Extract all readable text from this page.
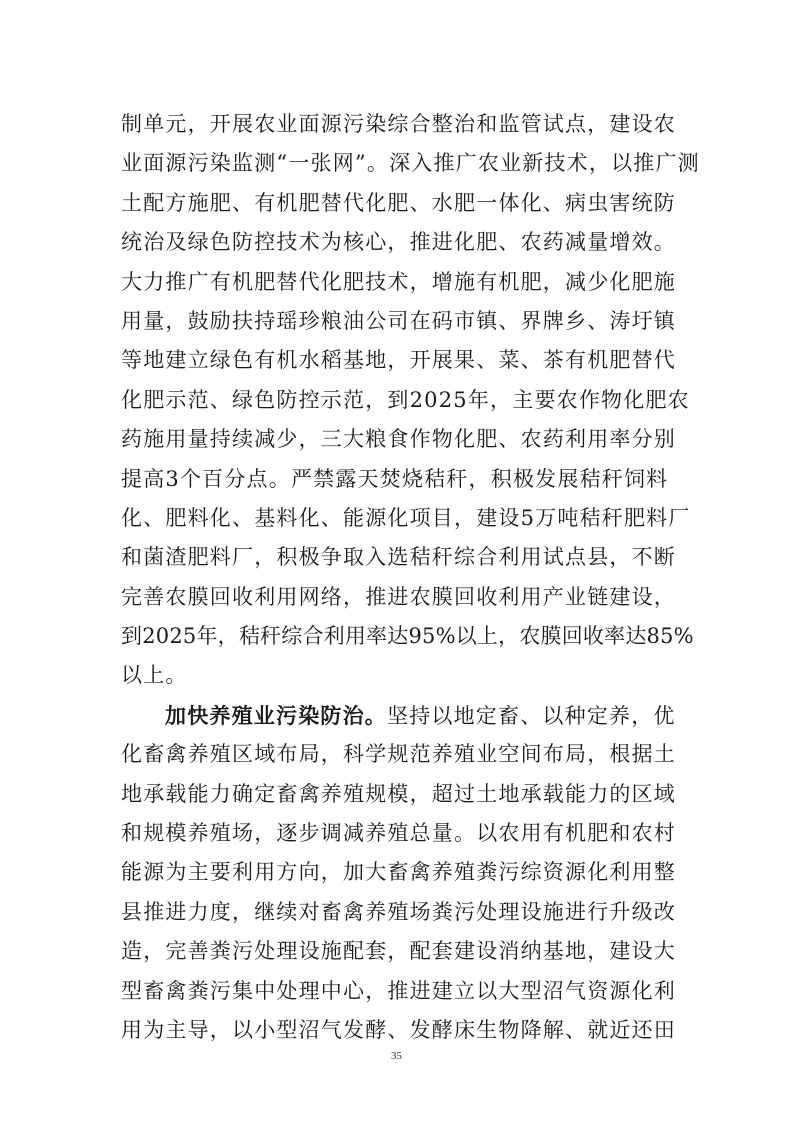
制单元，开展农业面源污染综合整治和监管试点，建设农
业面源污染监测“一张网”。深入推广农业新技术，以推广测
土配方施肥、有机肥替代化肥、水肥一体化、病虫害统防
统治及绿色防控技术为核心，推进化肥、农药减量增效。
大力推广有机肥替代化肥技术，增施有机肥，减少化肥施
用量，鼓励扶持瑶珍粮油公司在码市镇、界牌乡、涛圩镇
等地建立绿色有机水稻基地，开展果、菜、茶有机肥替代
化肥示范、绿色防控示范，到2025年，主要农作物化肥农
药施用量持续减少，三大粮食作物化肥、农药利用率分别
提高3个百分点。严禁露天焚烧秸秆，积极发展秸秆饲料
化、肥料化、基料化、能源化项目，建设5万吨秸秆肥料厂
和菌渣肥料厂，积极争取入选秸秆综合利用试点县，不断
完善农膜回收利用网络，推进农膜回收利用产业链建设，
到2025年，秸秆综合利用率达95%以上，农膜回收率达85%
以上。
加快养殖业污染防治。坚持以地定畜、以种定养，优
化畜禽养殖区域布局，科学规范养殖业空间布局，根据土
地承载能力确定畜禽养殖规模，超过土地承载能力的区域
和规模养殖场，逐步调减养殖总量。以农用有机肥和农村
能源为主要利用方向，加大畜禽养殖粪污综资源化利用整
县推进力度，继续对畜禽养殖场粪污处理设施进行升级改
造，完善粪污处理设施配套，配套建设消纳基地，建设大
型畜禽粪污集中处理中心，推进建立以大型沼气资源化利
用为主导，以小型沼气发酵、发酵床生物降解、就近还田
35
